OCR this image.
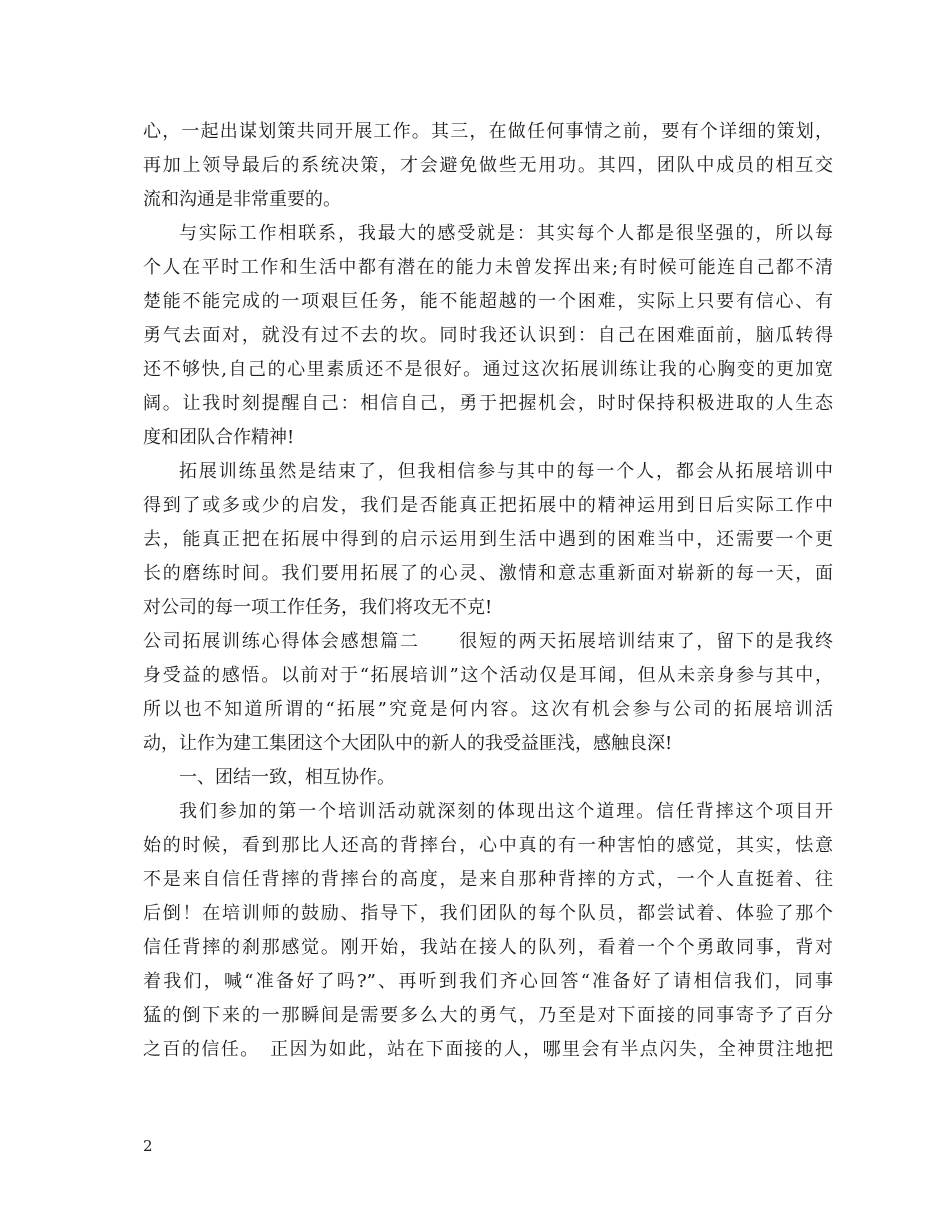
心，一起出谋划策共同开展工作。其三，在做任何事情之前，要有个详细的策划，
再加上领导最后的系统决策，才会避免做些无用功。其四，团队中成员的相互交
流和沟通是非常重要的。
与实际工作相联系，我最大的感受就是：其实每个人都是很坚强的，所以每
个人在平时工作和生活中都有潜在的能力未曾发挥出来;有时候可能连自己都不清
楚能不能完成的一项艰巨任务，能不能超越的一个困难，实际上只要有信心、有
勇气去面对，就没有过不去的坎。同时我还认识到：自己在困难面前，脑瓜转得
还不够快,自己的心里素质还不是很好。通过这次拓展训练让我的心胸变的更加宽
阔。让我时刻提醒自己：相信自己，勇于把握机会，时时保持积极进取的人生态
度和团队合作精神!
拓展训练虽然是结束了，但我相信参与其中的每一个人，都会从拓展培训中
得到了或多或少的启发，我们是否能真正把拓展中的精神运用到日后实际工作中
去，能真正把在拓展中得到的启示运用到生活中遇到的困难当中，还需要一个更
长的磨练时间。我们要用拓展了的心灵、激情和意志重新面对崭新的每一天，面
对公司的每一项工作任务，我们将攻无不克!
公司拓展训练心得体会感想篇二　　很短的两天拓展培训结束了，留下的是我终
身受益的感悟。以前对于“拓展培训”这个活动仅是耳闻，但从未亲身参与其中，
所以也不知道所谓的“拓展”究竟是何内容。这次有机会参与公司的拓展培训活
动，让作为建工集团这个大团队中的新人的我受益匪浅，感触良深!
一、团结一致，相互协作。
我们参加的第一个培训活动就深刻的体现出这个道理。信任背摔这个项目开
始的时候，看到那比人还高的背摔台，心中真的有一种害怕的感觉，其实，怯意
不是来自信任背摔的背摔台的高度，是来自那种背摔的方式，一个人直挺着、往
后倒！在培训师的鼓励、指导下，我们团队的每个队员，都尝试着、体验了那个
信任背摔的刹那感觉。刚开始，我站在接人的队列，看着一个个勇敢同事，背对
着我们，喊“准备好了吗?”、再听到我们齐心回答“准备好了请相信我们，同事
猛的倒下来的一那瞬间是需要多么大的勇气，乃至是对下面接的同事寄予了百分
之百的信任。　正因为如此，站在下面接的人，哪里会有半点闪失，全神贯注地把
2
